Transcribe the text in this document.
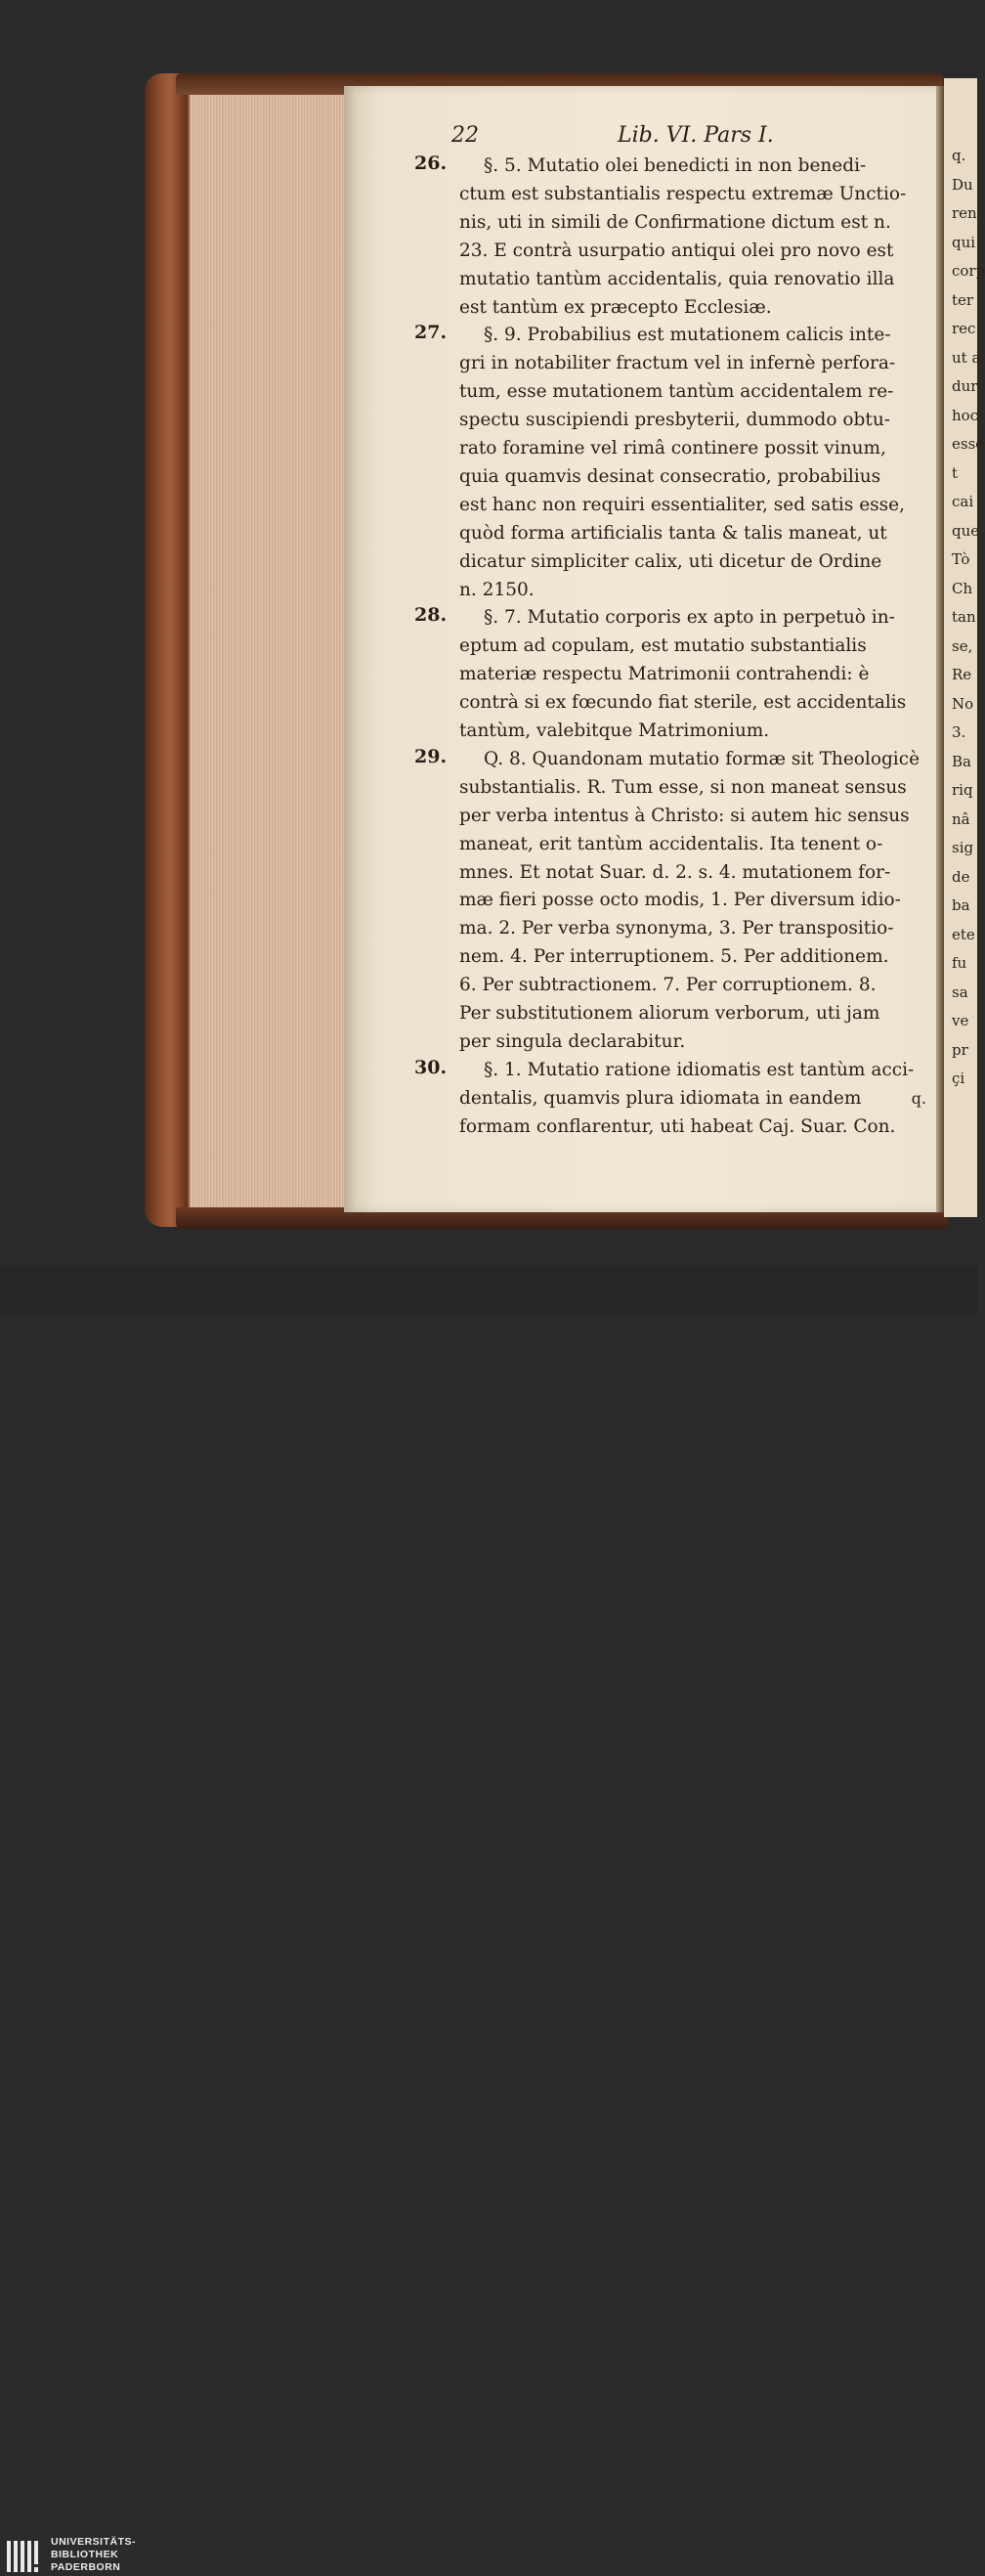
q.
Du
ren
qui
corp
ter
rec
ut a
dur
hoc
esse
t
cai
que
Tò
Ch
tan
se,
Re
No
3.
Ba
riq
nâ
sig
de
ba
ete
fu
sa
ve
pr
çi
22	Lib. VI. Pars I.
26. §. 5. Mutatio olei benedicti in non benedi-
ctum est substantialis respectu extremæ Unctio-
nis, uti in simili de Confirmatione dictum est n.
23. E contrà usurpatio antiqui olei pro novo est
mutatio tantùm accidentalis, quia renovatio illa
est tantùm ex præcepto Ecclesiæ.
27. §. 9. Probabilius est mutationem calicis inte-
gri in notabiliter fractum vel in infernè perfora-
tum, esse mutationem tantùm accidentalem re-
spectu suscipiendi presbyterii, dummodo obtu-
rato foramine vel rimâ continere possit vinum,
quia quamvis desinat consecratio, probabilius
est hanc non requiri essentialiter, sed satis esse,
quòd forma artificialis tanta & talis maneat, ut
dicatur simpliciter calix, uti dicetur de Ordine
n. 2150.
28. §. 7. Mutatio corporis ex apto in perpetuò in-
eptum ad copulam, est mutatio substantialis
materiæ respectu Matrimonii contrahendi: è
contrà si ex fœcundo fiat sterile, est accidentalis
tantùm, valebitque Matrimonium.
29. Q. 8. Quandonam mutatio formæ sit Theologicè
substantialis. R. Tum esse, si non maneat sensus
per verba intentus à Christo: si autem hic sensus
maneat, erit tantùm accidentalis. Ita tenent o-
mnes. Et notat Suar. d. 2. s. 4. mutationem for-
mæ fieri posse octo modis, 1. Per diversum idio-
ma. 2. Per verba synonyma, 3. Per transpositio-
nem. 4. Per interruptionem. 5. Per additionem.
6. Per subtractionem. 7. Per corruptionem. 8.
Per substitutionem aliorum verborum, uti jam
per singula declarabitur.
30. §. 1. Mutatio ratione idiomatis est tantùm acci-
dentalis, quamvis plura idiomata in eandem
formam conflarentur, uti habeat Caj. Suar. Con.
q.
UNIVERSITÄTS-
BIBLIOTHEK
PADERBORN
